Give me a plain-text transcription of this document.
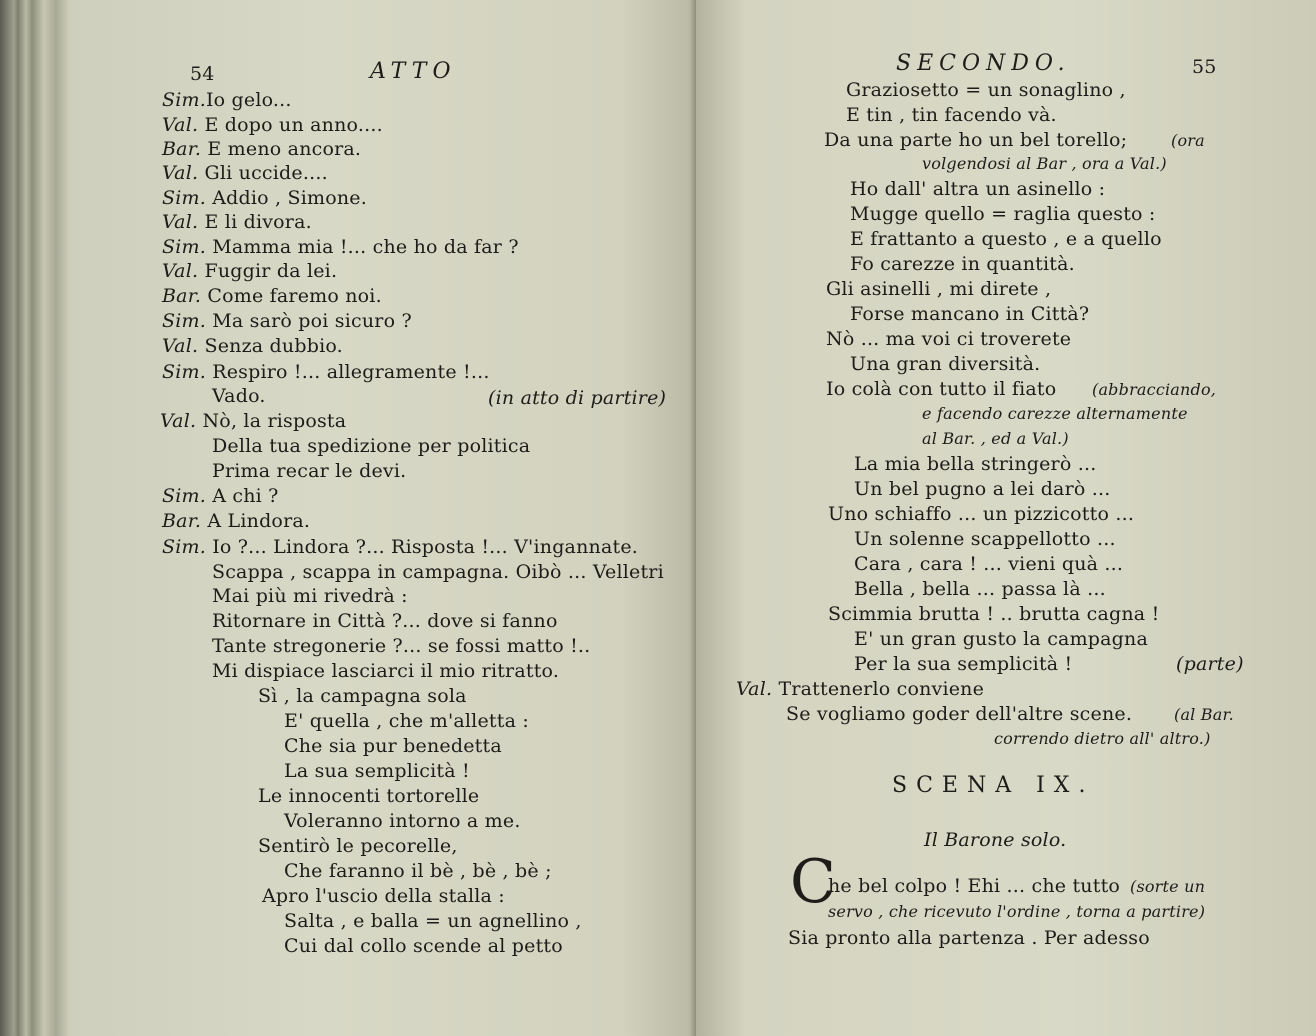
54	ATTO
Sim.Io gelo...
Val. E dopo un anno....
Bar. E meno ancora.
Val. Gli uccide....
Sim. Addio , Simone.
Val. E li divora.
Sim. Mamma mia !... che ho da far ?
Val. Fuggir da lei.
Bar. Come faremo noi.
Sim. Ma sarò poi sicuro ?
Val. Senza dubbio.
Sim. Respiro !... allegramente !...
Vado.	(in atto di partire)
Val. Nò, la risposta
Della tua spedizione per politica
Prima recar le devi.
Sim. A chi ?
Bar. A Lindora.
Sim. Io ?... Lindora ?... Risposta !... V'ingannate.
Scappa , scappa in campagna. Oibò ... Velletri
Mai più mi rivedrà :
Ritornare in Città ?... dove si fanno
Tante stregonerie ?... se fossi matto !..
Mi dispiace lasciarci il mio ritratto.
Sì , la campagna sola
E' quella , che m'alletta :
Che sia pur benedetta
La sua semplicità !
Le innocenti tortorelle
Voleranno intorno a me.
Sentirò le pecorelle,
Che faranno il bè , bè , bè ;
Apro l'uscio della stalla :
Salta , e balla = un agnellino ,
Cui dal collo scende al petto
SECONDO.	55
Graziosetto = un sonaglino ,
E tin , tin facendo và.
Da una parte ho un bel torello;	(ora
volgendosi al Bar , ora a Val.)
Ho dall' altra un asinello :
Mugge quello = raglia questo :
E frattanto a questo , e a quello
Fo carezze in quantità.
Gli asinelli , mi direte ,
Forse mancano in Città?
Nò ... ma voi ci troverete
Una gran diversità.
Io colà con tutto il fiato (abbracciando,
e facendo carezze alternamente
al Bar. , ed a Val.)
La mia bella stringerò ...
Un bel pugno a lei darò ...
Uno schiaffo ... un pizzicotto ...
Un solenne scappellotto ...
Cara , cara ! ... vieni quà ...
Bella , bella ... passa là ...
Scimmia brutta ! .. brutta cagna !
E' un gran gusto la campagna
Per la sua semplicità !	(parte)
Val. Trattenerlo conviene
Se vogliamo goder dell'altre scene.	(al Bar.
correndo dietro all' altro.)
SCENA IX.
Il Barone solo.
C
he bel colpo ! Ehi ... che tutto (sorte un
servo , che ricevuto l'ordine , torna a partire)
Sia pronto alla partenza . Per adesso
